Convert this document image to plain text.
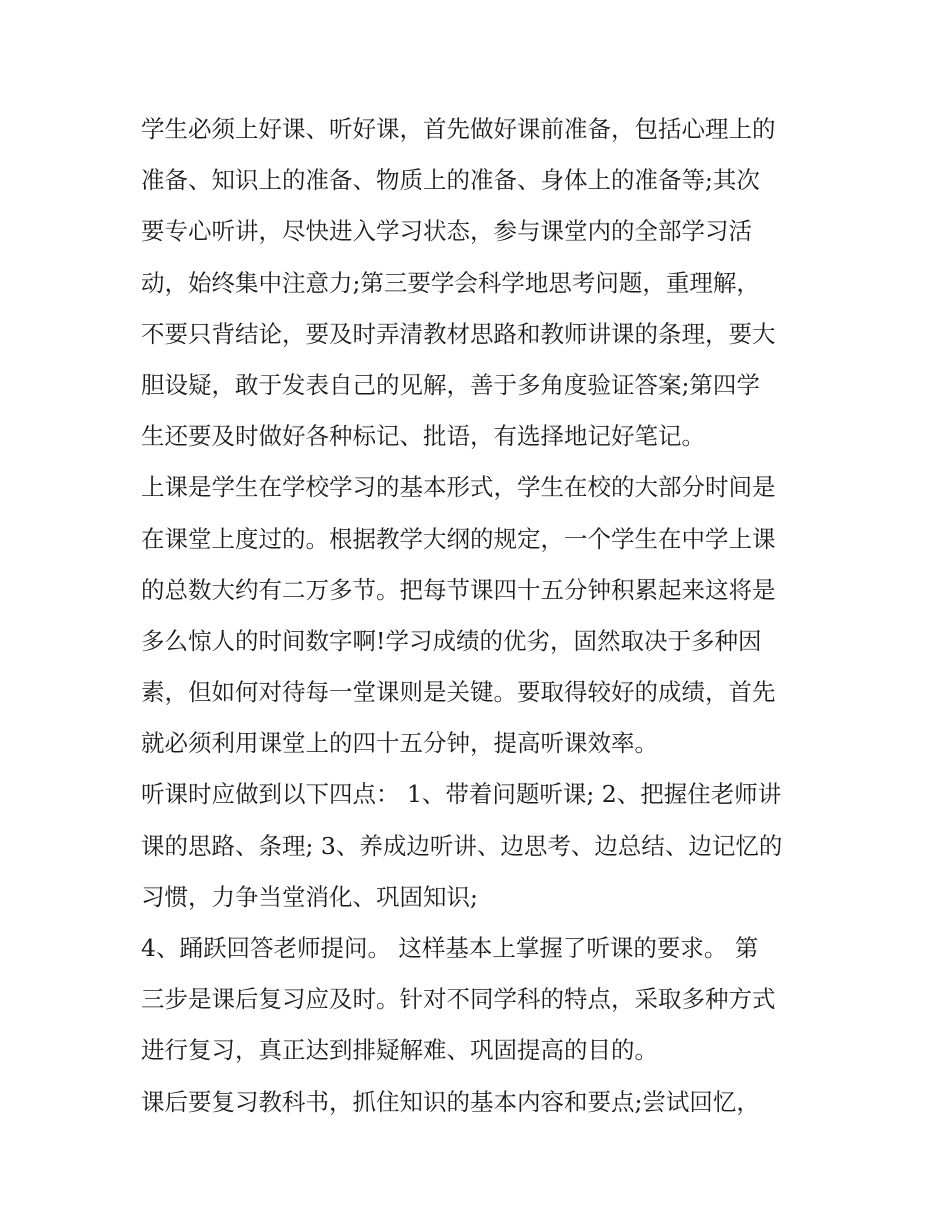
学生必须上好课、听好课，首先做好课前准备，包括心理上的
准备、知识上的准备、物质上的准备、身体上的准备等;其次
要专心听讲，尽快进入学习状态，参与课堂内的全部学习活
动，始终集中注意力;第三要学会科学地思考问题，重理解，
不要只背结论，要及时弄清教材思路和教师讲课的条理，要大
胆设疑，敢于发表自己的见解，善于多角度验证答案;第四学
生还要及时做好各种标记、批语，有选择地记好笔记。
上课是学生在学校学习的基本形式，学生在校的大部分时间是
在课堂上度过的。根据教学大纲的规定，一个学生在中学上课
的总数大约有二万多节。把每节课四十五分钟积累起来这将是
多么惊人的时间数字啊!学习成绩的优劣，固然取决于多种因
素，但如何对待每一堂课则是关键。要取得较好的成绩，首先
就必须利用课堂上的四十五分钟，提高听课效率。
听课时应做到以下四点： 1、带着问题听课; 2、把握住老师讲
课的思路、条理; 3、养成边听讲、边思考、边总结、边记忆的
习惯，力争当堂消化、巩固知识;
4、踊跃回答老师提问。 这样基本上掌握了听课的要求。 第
三步是课后复习应及时。针对不同学科的特点，采取多种方式
进行复习，真正达到排疑解难、巩固提高的目的。
课后要复习教科书，抓住知识的基本内容和要点;尝试回忆，
